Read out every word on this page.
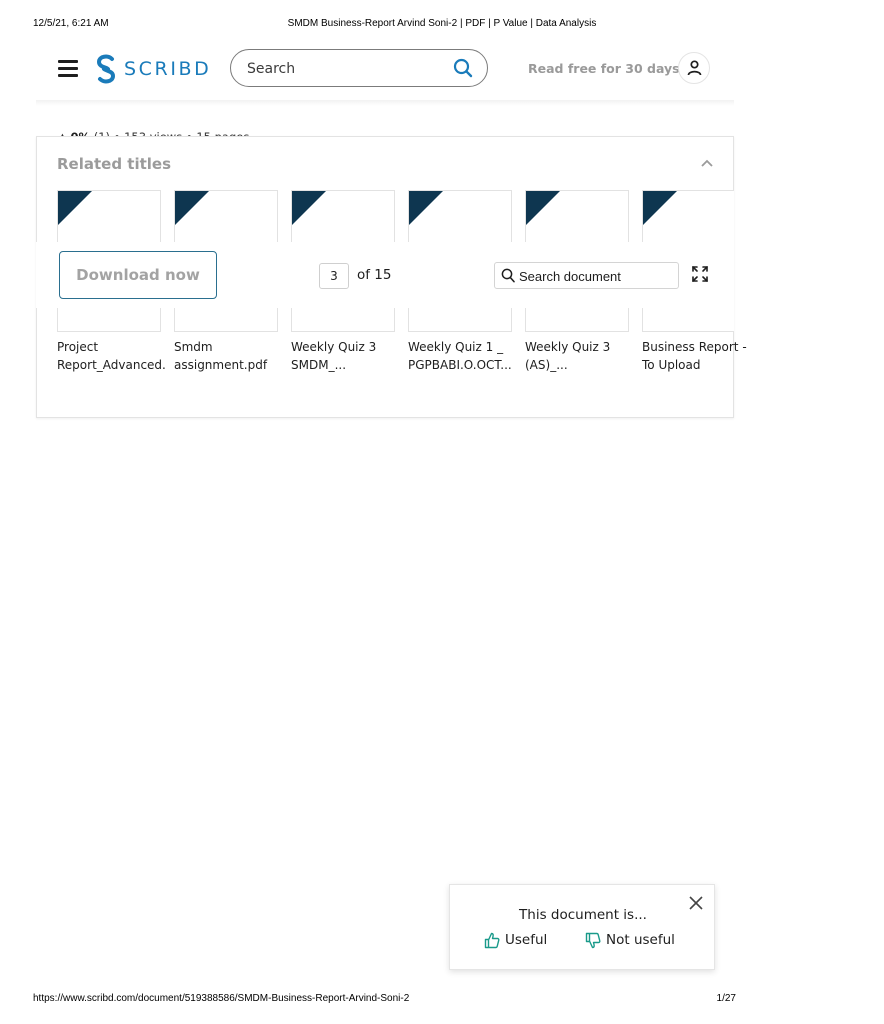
12/5/21, 6:21 AM	SMDM Business-Report Arvind Soni-2 | PDF | P Value | Data Analysis
SCRIBD
Search	Read free for 30 days
Related titles
Project
Report_Advanced.
Smdm
assignment.pdf
Weekly Quiz 3
SMDM_...
Weekly Quiz 1 _
PGPBABI.O.OCT...
Weekly Quiz 3
(AS)_...
Business Report -
To Upload
Download now
3	of 15
Search document
This document is...
Useful	Not useful
https://www.scribd.com/document/519388586/SMDM-Business-Report-Arvind-Soni-2	1/27
